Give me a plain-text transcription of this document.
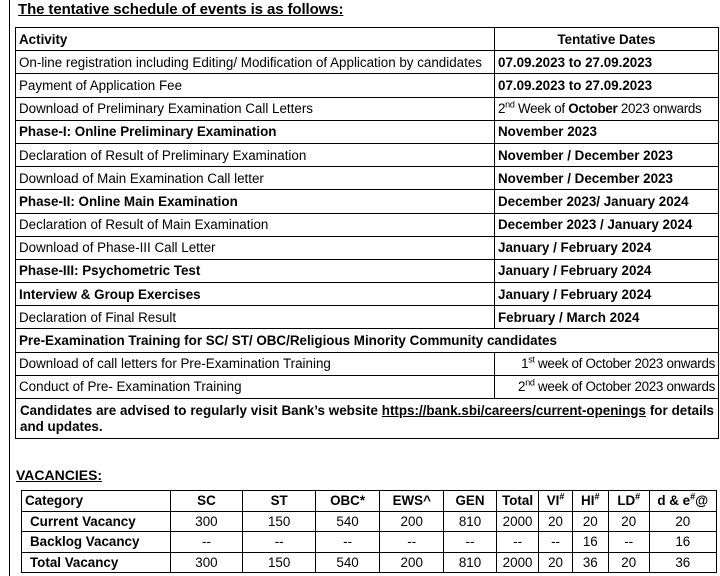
The tentative schedule of events is as follows:
Activity	Tentative Dates
On-line registration including Editing/ Modification of Application by candidates	07.09.2023 to 27.09.2023
Payment of Application Fee	07.09.2023 to 27.09.2023
Download of Preliminary Examination Call Letters	2nd Week of October 2023 onwards
Phase-I: Online Preliminary Examination	November 2023
Declaration of Result of Preliminary Examination	November / December 2023
Download of Main Examination Call letter	November / December 2023
Phase-II: Online Main Examination	December 2023/ January 2024
Declaration of Result of Main Examination	December 2023 / January 2024
Download of Phase-III Call Letter	January / February 2024
Phase-III: Psychometric Test	January / February 2024
Interview & Group Exercises	January / February 2024
Declaration of Final Result	February / March 2024
Pre-Examination Training for SC/ ST/ OBC/Religious Minority Community candidates	
Download of call letters for Pre-Examination Training	1st week of October 2023 onwards
Conduct of Pre- Examination Training	2nd week of October 2023 onwards
Candidates are advised to regularly visit Bank’s website https://bank.sbi/careers/current-openings for details and updates.	
VACANCIES:
Category	SC	ST	OBC*	EWS^	GEN	Total	VI#	HI#	LD#	d & e#@
Current Vacancy	300	150	540	200	810	2000	20	20	20	20
Backlog Vacancy	--	--	--	--	--	--	--	16	--	16
Total Vacancy	300	150	540	200	810	2000	20	36	20	36
